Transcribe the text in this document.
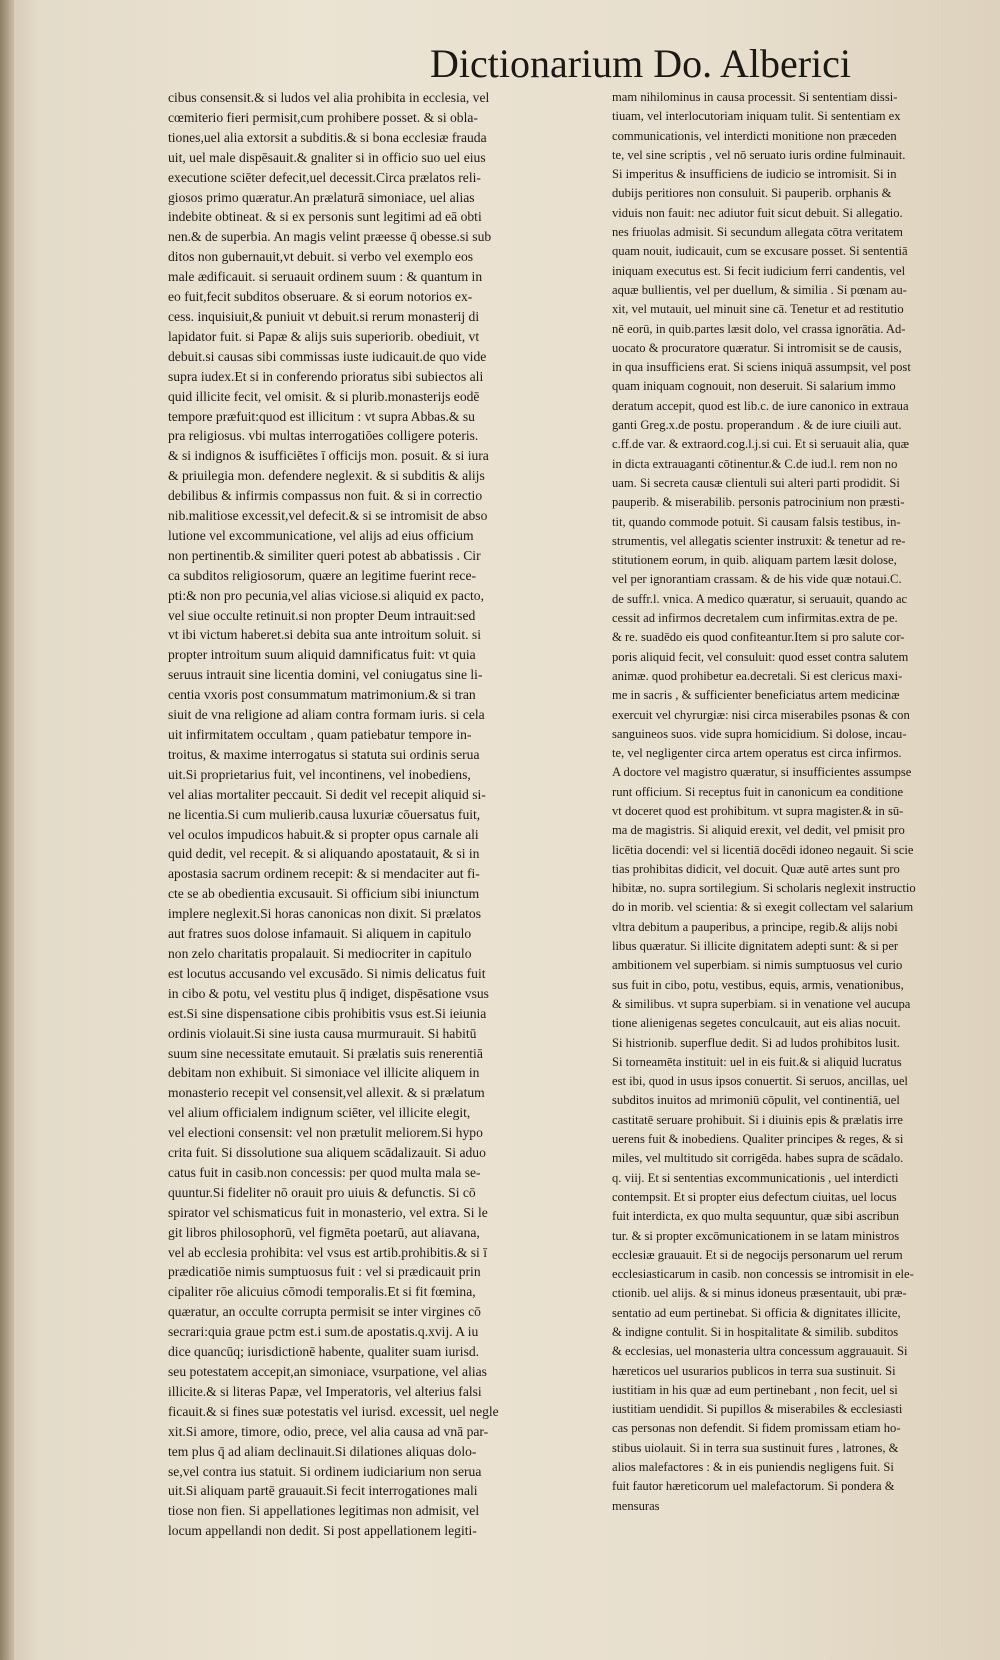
Dictionarium Do. Alberici

cibus consensit.& si ludos vel alia prohibita in ecclesia, vel

cœmiterio fieri permisit,cum prohibere posset. & si obla-

tiones,uel alia extorsit a subditis.& si bona ecclesiæ frauda

uit, uel male dispēsauit.& gnaliter si in officio suo uel eius

executione sciēter defecit,uel decessit.Circa prælatos reli-

giosos primo quæratur.An prælaturā simoniace, uel alias

indebite obtineat. & si ex personis sunt legitimi ad eā obti

nen.& de superbia. An magis velint præesse q̄ obesse.si sub

ditos non gubernauit,vt debuit. si verbo vel exemplo eos

male ædificauit. si seruauit ordinem suum : & quantum in

eo fuit,fecit subditos obseruare. & si eorum notorios ex-

cess. inquisiuit,& puniuit vt debuit.si rerum monasterij di

lapidator fuit. si Papæ & alijs suis superiorib. obediuit, vt

debuit.si causas sibi commissas iuste iudicauit.de quo vide

supra iudex.Et si in conferendo prioratus sibi subiectos ali

quid illicite fecit, vel omisit. & si plurib.monasterijs eodē

tempore præfuit:quod est illicitum : vt supra Abbas.& su

pra religiosus. vbi multas interrogatiōes colligere poteris.

& si indignos & isufficiētes ī officijs mon. posuit. & si iura

& priuilegia mon. defendere neglexit. & si subditis & alijs

debilibus & infirmis compassus non fuit. & si in correctio

nib.malitiose excessit,vel defecit.& si se intromisit de abso

lutione vel excommunicatione, vel alijs ad eius officium

non pertinentib.& similiter queri potest ab abbatissis . Cir

ca subditos religiosorum, quære an legitime fuerint rece-

pti:& non pro pecunia,vel alias viciose.si aliquid ex pacto,

vel siue occulte retinuit.si non propter Deum intrauit:sed

vt ibi victum haberet.si debita sua ante introitum soluit. si

propter introitum suum aliquid damnificatus fuit: vt quia

seruus intrauit sine licentia domini, vel coniugatus sine li-

centia vxoris post consummatum matrimonium.& si tran

siuit de vna religione ad aliam contra formam iuris. si cela

uit infirmitatem occultam , quam patiebatur tempore in-

troitus, & maxime interrogatus si statuta sui ordinis serua

uit.Si proprietarius fuit, vel incontinens, vel inobediens,

vel alias mortaliter peccauit. Si dedit vel recepit aliquid si-

ne licentia.Si cum mulierib.causa luxuriæ cōuersatus fuit,

vel oculos impudicos habuit.& si propter opus carnale ali

quid dedit, vel recepit. & si aliquando apostatauit, & si in

apostasia sacrum ordinem recepit: & si mendaciter aut fi-

cte se ab obedientia excusauit. Si officium sibi iniunctum

implere neglexit.Si horas canonicas non dixit. Si prælatos

aut fratres suos dolose infamauit. Si aliquem in capitulo

non zelo charitatis propalauit. Si mediocriter in capitulo

est locutus accusando vel excusādo. Si nimis delicatus fuit

in cibo & potu, vel vestitu plus q̄ indiget, dispēsatione vsus

est.Si sine dispensatione cibis prohibitis vsus est.Si ieiunia

ordinis violauit.Si sine iusta causa murmurauit. Si habitū

suum sine necessitate emutauit. Si prælatis suis renerentiā

debitam non exhibuit. Si simoniace vel illicite aliquem in

monasterio recepit vel consensit,vel allexit. & si prælatum

vel alium officialem indignum sciēter, vel illicite elegit,

vel electioni consensit: vel non prætulit meliorem.Si hypo

crita fuit. Si dissolutione sua aliquem scādalizauit. Si aduo

catus fuit in casib.non concessis: per quod multa mala se-

quuntur.Si fideliter nō orauit pro uiuis & defunctis. Si cō

spirator vel schismaticus fuit in monasterio, vel extra. Si le

git libros philosophorū, vel figmēta poetarū, aut aliavana,

vel ab ecclesia prohibita: vel vsus est artib.prohibitis.& si ī

prædicatiōe nimis sumptuosus fuit : vel si prædicauit prin

cipaliter rōe alicuius cōmodi temporalis.Et si fit fœmina,

quæratur, an occulte corrupta permisit se inter virgines cō

secrari:quia graue pctm est.i sum.de apostatis.q.xvij. A iu

dice quancūq; iurisdictionē habente, qualiter suam iurisd.

seu potestatem accepit,an simoniace, vsurpatione, vel alias

illicite.& si literas Papæ, vel Imperatoris, vel alterius falsi

ficauit.& si fines suæ potestatis vel iurisd. excessit, uel negle

xit.Si amore, timore, odio, prece, vel alia causa ad vnā par-

tem plus q̄ ad aliam declinauit.Si dilationes aliquas dolo-

se,vel contra ius statuit. Si ordinem iudiciarium non serua

uit.Si aliquam partē grauauit.Si fecit interrogationes mali

tiose non fien. Si appellationes legitimas non admisit, vel

locum appellandi non dedit. Si post appellationem legiti-

mam nihilominus in causa processit. Si sententiam dissi-

tiuam, vel interlocutoriam iniquam tulit. Si sententiam ex

communicationis, vel interdicti monitione non præceden

te, vel sine scriptis , vel nō seruato iuris ordine fulminauit.

Si imperitus & insufficiens de iudicio se intromisit. Si in

dubijs peritiores non consuluit. Si pauperib. orphanis &

viduis non fauit: nec adiutor fuit sicut debuit. Si allegatio.

nes friuolas admisit. Si secundum allegata cōtra veritatem

quam nouit, iudicauit, cum se excusare posset. Si sententiā

iniquam executus est. Si fecit iudicium ferri candentis, vel

aquæ bullientis, vel per duellum, & similia . Si pœnam au-

xit, vel mutauit, uel minuit sine cā. Tenetur et ad restitutio

nē eorū, in quib.partes læsit dolo, vel crassa ignorātia. Ad-

uocato & procuratore quæratur. Si intromisit se de causis,

in qua insufficiens erat. Si sciens iniquā assumpsit, vel post

quam iniquam cognouit, non deseruit. Si salarium immo

deratum accepit, quod est lib.c. de iure canonico in extraua

ganti Greg.x.de postu. properandum . & de iure ciuili aut.

c.ff.de var. & extraord.cog.l.j.si cui. Et si seruauit alia, quæ

in dicta extrauaganti cōtinentur.& C.de iud.l. rem non no

uam. Si secreta causæ clientuli sui alteri parti prodidit. Si

pauperib. & miserabilib. personis patrocinium non præsti-

tit, quando commode potuit. Si causam falsis testibus, in-

strumentis, vel allegatis scienter instruxit: & tenetur ad re-

stitutionem eorum, in quib. aliquam partem læsit dolose,

vel per ignorantiam crassam. & de his vide quæ notaui.C.

de suffr.l. vnica. A medico quæratur, si seruauit, quando ac

cessit ad infirmos decretalem cum infirmitas.extra de pe.

& re. suadēdo eis quod confiteantur.Item si pro salute cor-

poris aliquid fecit, vel consuluit: quod esset contra salutem

animæ. quod prohibetur ea.decretali. Si est clericus maxi-

me in sacris , & sufficienter beneficiatus artem medicinæ

exercuit vel chyrurgiæ: nisi circa miserabiles psonas & con

sanguineos suos. vide supra homicidium. Si dolose, incau-

te, vel negligenter circa artem operatus est circa infirmos.

A doctore vel magistro quæratur, si insufficientes assumpse

runt officium. Si receptus fuit in canonicum ea conditione

vt doceret quod est prohibitum. vt supra magister.& in sū-

ma de magistris. Si aliquid erexit, vel dedit, vel pmisit pro

licētia docendi: vel si licentiā docēdi idoneo negauit. Si scie

tias prohibitas didicit, vel docuit. Quæ autē artes sunt pro

hibitæ, no. supra sortilegium. Si scholaris neglexit instructio

do in morib. vel scientia: & si exegit collectam vel salarium

vltra debitum a pauperibus, a principe, regib.& alijs nobi

libus quæratur. Si illicite dignitatem adepti sunt: & si per

ambitionem vel superbiam. si nimis sumptuosus vel curio

sus fuit in cibo, potu, vestibus, equis, armis, venationibus,

& similibus. vt supra superbiam. si in venatione vel aucupa

tione alienigenas segetes conculcauit, aut eis alias nocuit.

Si histrionib. superflue dedit. Si ad ludos prohibitos lusit.

Si torneamēta instituit: uel in eis fuit.& si aliquid lucratus

est ibi, quod in usus ipsos conuertit. Si seruos, ancillas, uel

subditos inuitos ad mrimoniū cōpulit, vel continentiā, uel

castitatē seruare prohibuit. Si i diuinis epis & prælatis irre

uerens fuit & inobediens. Qualiter principes & reges, & si

miles, vel multitudo sit corrigēda. habes supra de scādalo.

q. viij. Et si sententias excommunicationis , uel interdicti

contempsit. Et si propter eius defectum ciuitas, uel locus

fuit interdicta, ex quo multa sequuntur, quæ sibi ascribun

tur. & si propter excōmunicationem in se latam ministros

ecclesiæ grauauit. Et si de negocijs personarum uel rerum

ecclesiasticarum in casib. non concessis se intromisit in ele-

ctionib. uel alijs. & si minus idoneus præsentauit, ubi præ-

sentatio ad eum pertinebat. Si officia & dignitates illicite,

& indigne contulit. Si in hospitalitate & similib. subditos

& ecclesias, uel monasteria ultra concessum aggrauauit. Si

hæreticos uel usurarios publicos in terra sua sustinuit. Si

iustitiam in his quæ ad eum pertinebant , non fecit, uel si

iustitiam uendidit. Si pupillos & miserabiles & ecclesiasti

cas personas non defendit. Si fidem promissam etiam ho-

stibus uiolauit. Si in terra sua sustinuit fures , latrones, &

alios malefactores : & in eis puniendis negligens fuit. Si

fuit fautor hæreticorum uel malefactorum. Si pondera &

mensuras
